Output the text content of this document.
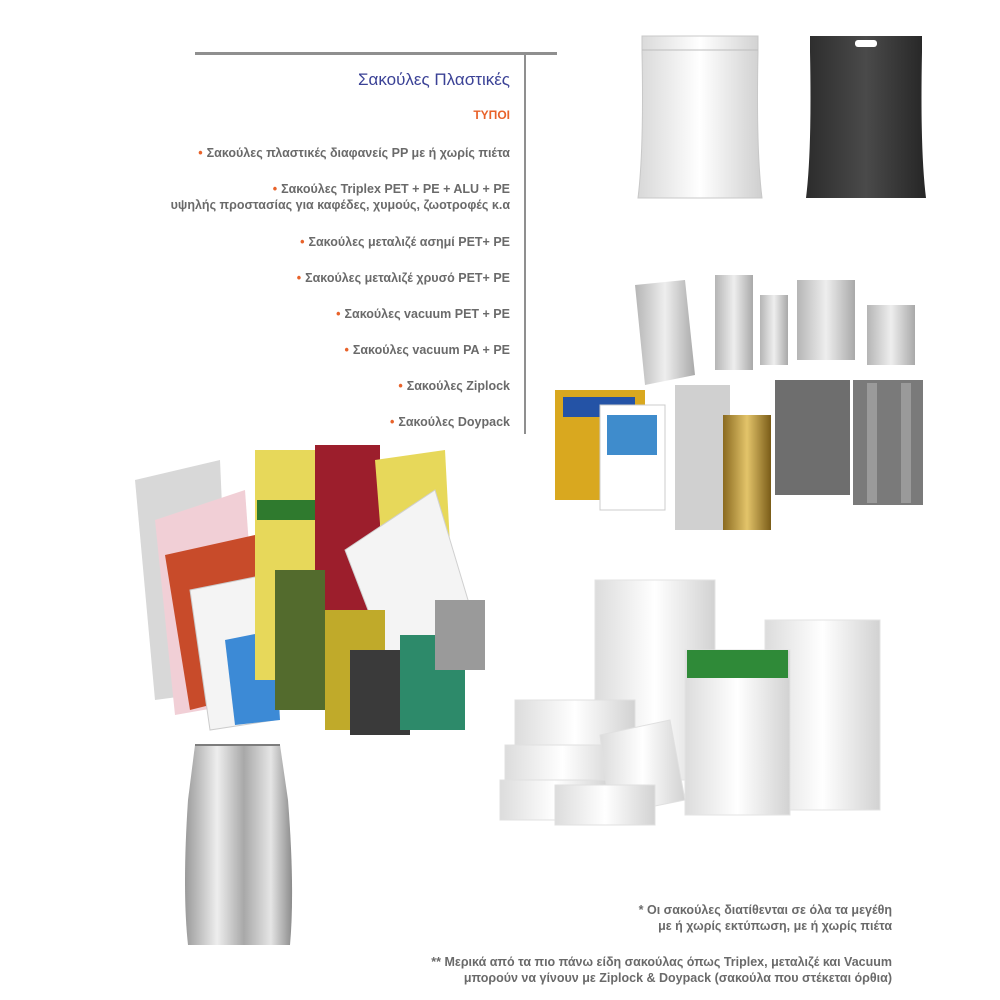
Σακούλες Πλαστικές
ΤΥΠΟΙ
• Σακούλες πλαστικές διαφανείς PP με ή χωρίς πιέτα
• Σακούλες Triplex PET + PE + ALU + PE
υψηλής προστασίας για καφέδες, χυμούς, ζωοτροφές κ.α
• Σακούλες μεταλιζέ ασημί PET+ PE
• Σακούλες μεταλιζέ χρυσό PET+ PE
• Σακούλες vacuum PET + PE
• Σακούλες vacuum PA + PE
• Σακούλες Ziplock
• Σακούλες Doypack
* Οι σακούλες διατίθενται σε όλα τα μεγέθη
με ή χωρίς εκτύπωση, με ή χωρίς πιέτα
** Μερικά από τα πιο πάνω είδη σακούλας όπως Triplex, μεταλιζέ και Vacuum
μπορούν να γίνουν με Ziplock & Doypack (σακούλα που στέκεται όρθια)
